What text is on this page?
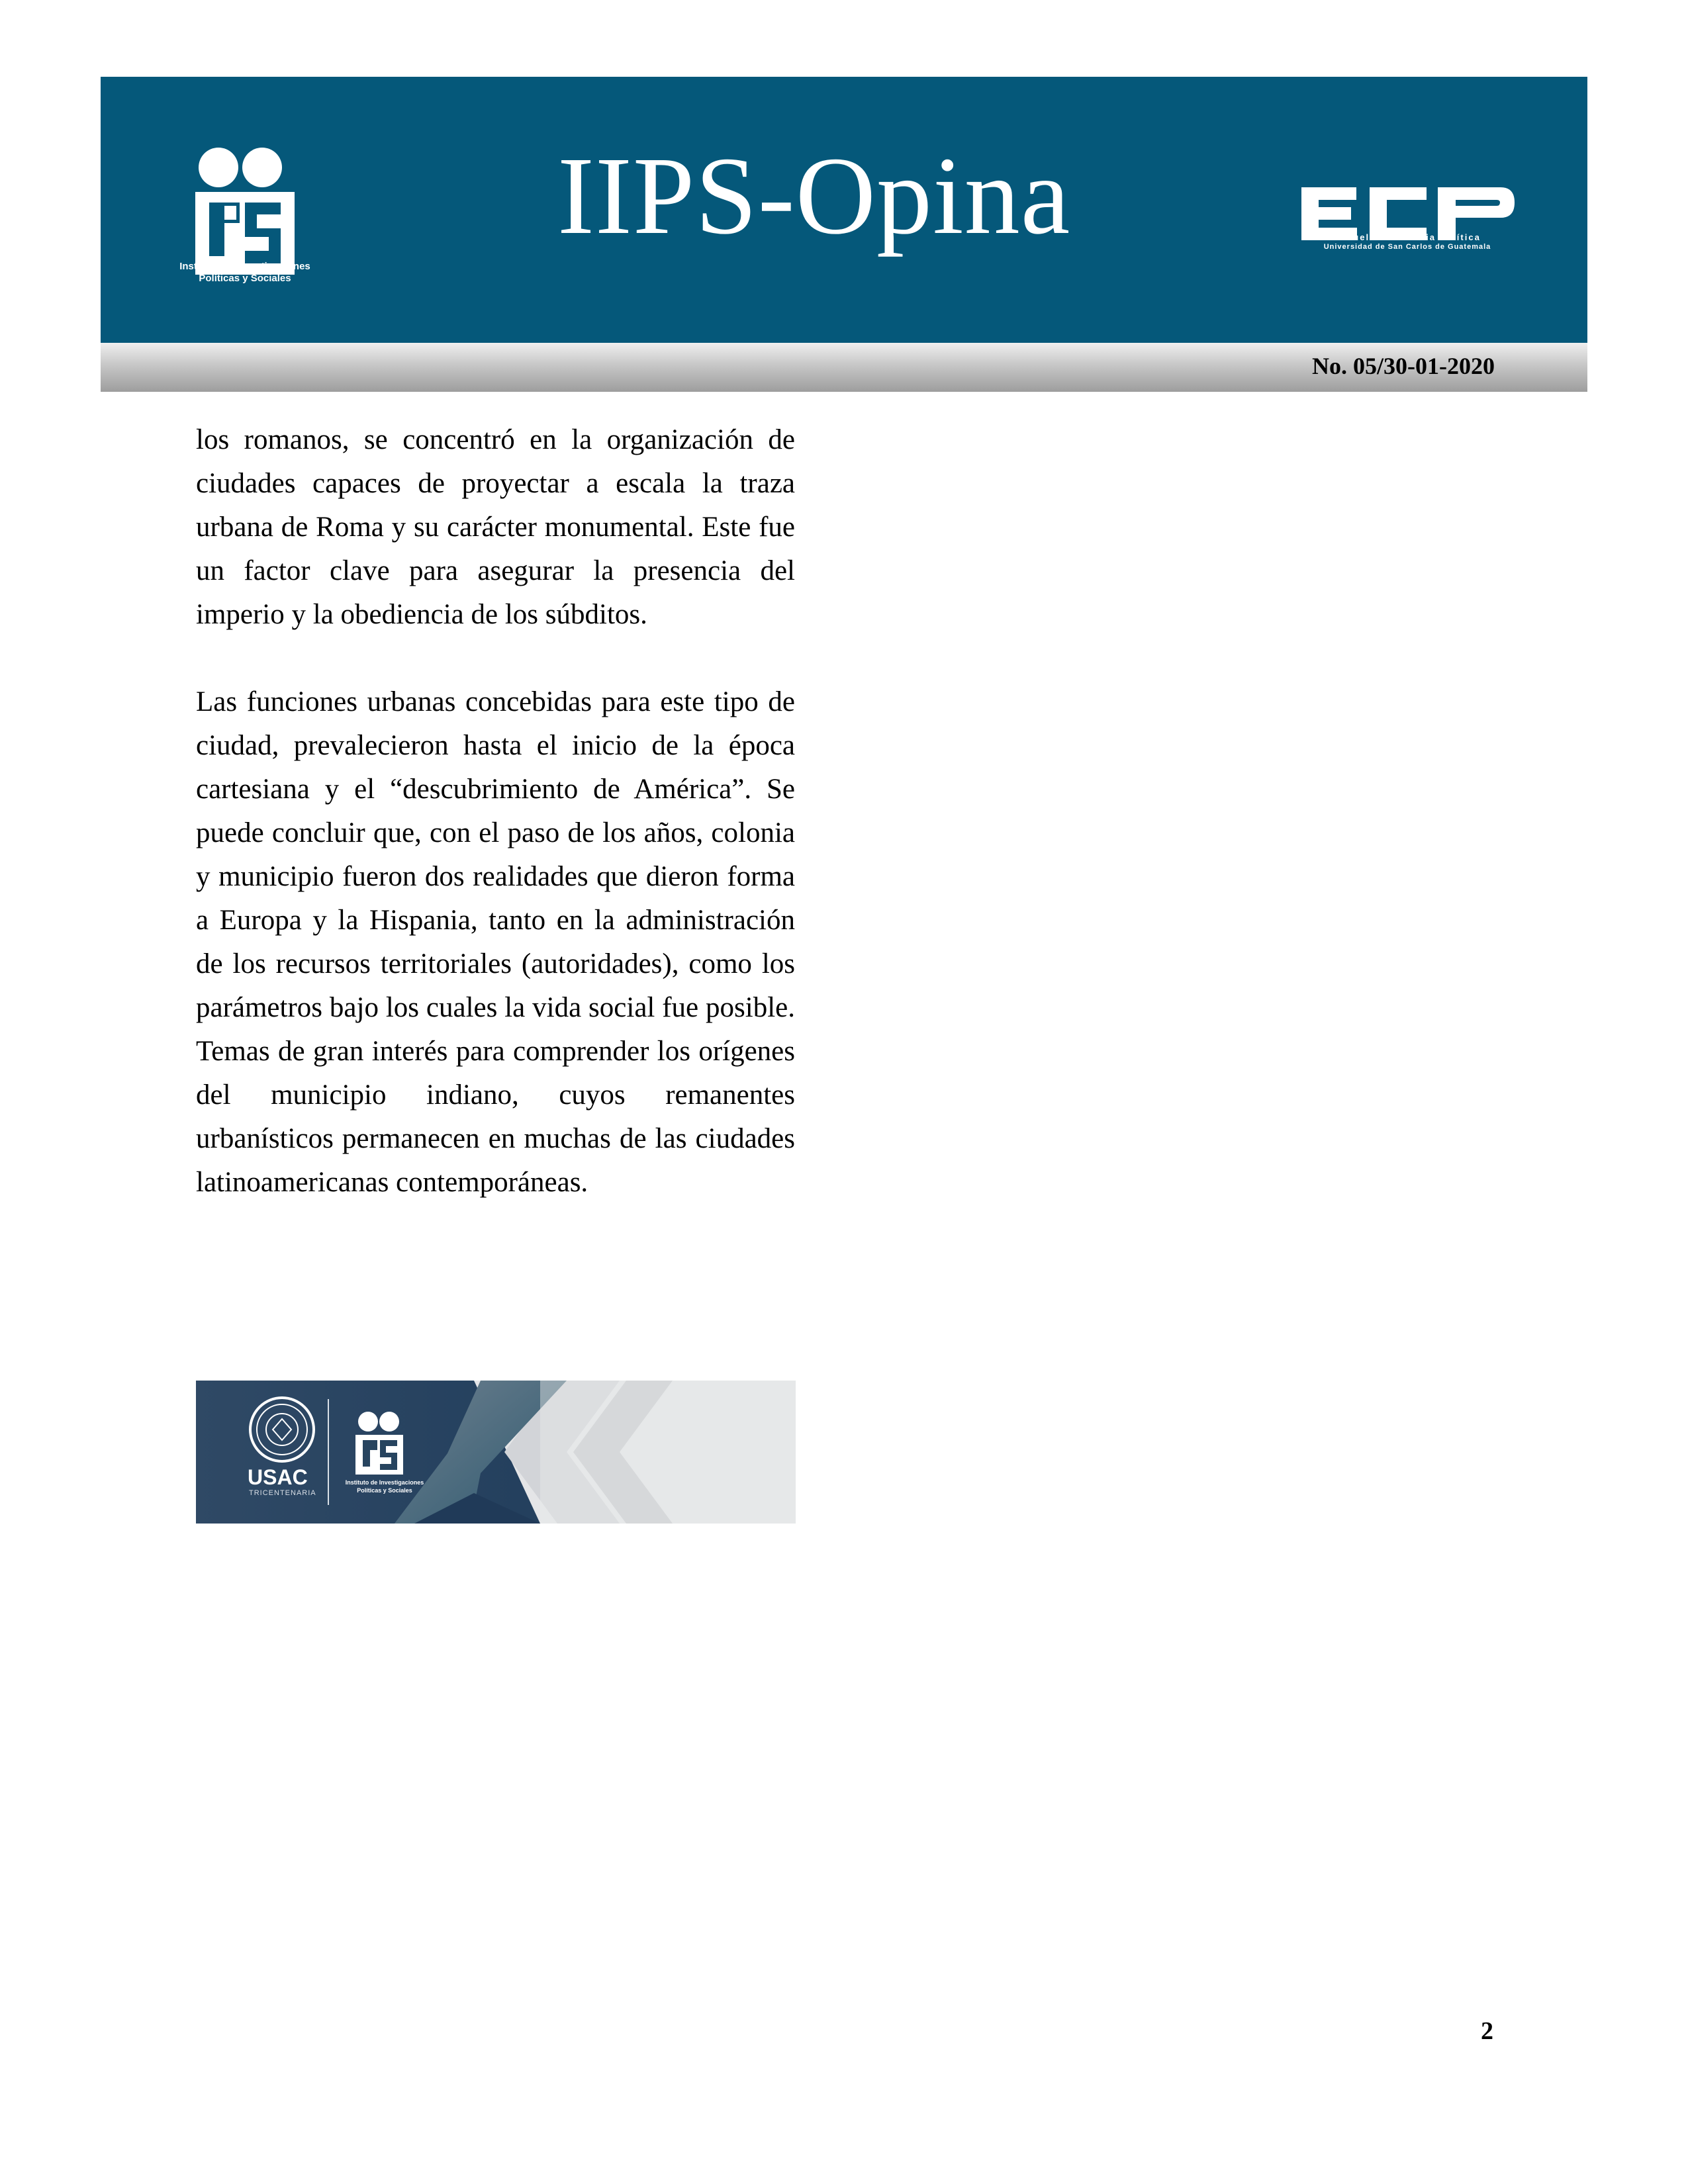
Instituto de Investigaciones Políticas y Sociales
IIPS-Opina	Escuela de Ciencia Política
Universidad de San Carlos de Guatemala
No. 05/30-01-2020

los romanos, se concentró en la organización de ciudades capaces de proyectar a escala la traza urbana de Roma y su carácter monumental. Este fue un factor clave para asegurar la presencia del imperio y la obediencia de los súbditos.

Las funciones urbanas concebidas para este tipo de ciudad, prevalecieron hasta el inicio de la época cartesiana y el “descubrimiento de América”. Se puede concluir que, con el paso de los años, colonia y municipio fueron dos realidades que dieron forma a Europa y la Hispania, tanto en la administración de los recursos territoriales (autoridades), como los parámetros bajo los cuales la vida social fue posible. Temas de gran interés para comprender los orígenes del municipio indiano, cuyos remanentes urbanísticos permanecen en muchas de las ciudades latinoamericanas contemporáneas.

USAC
TRICENTENARIA
Instituto de Investigaciones Políticas y Sociales
2
